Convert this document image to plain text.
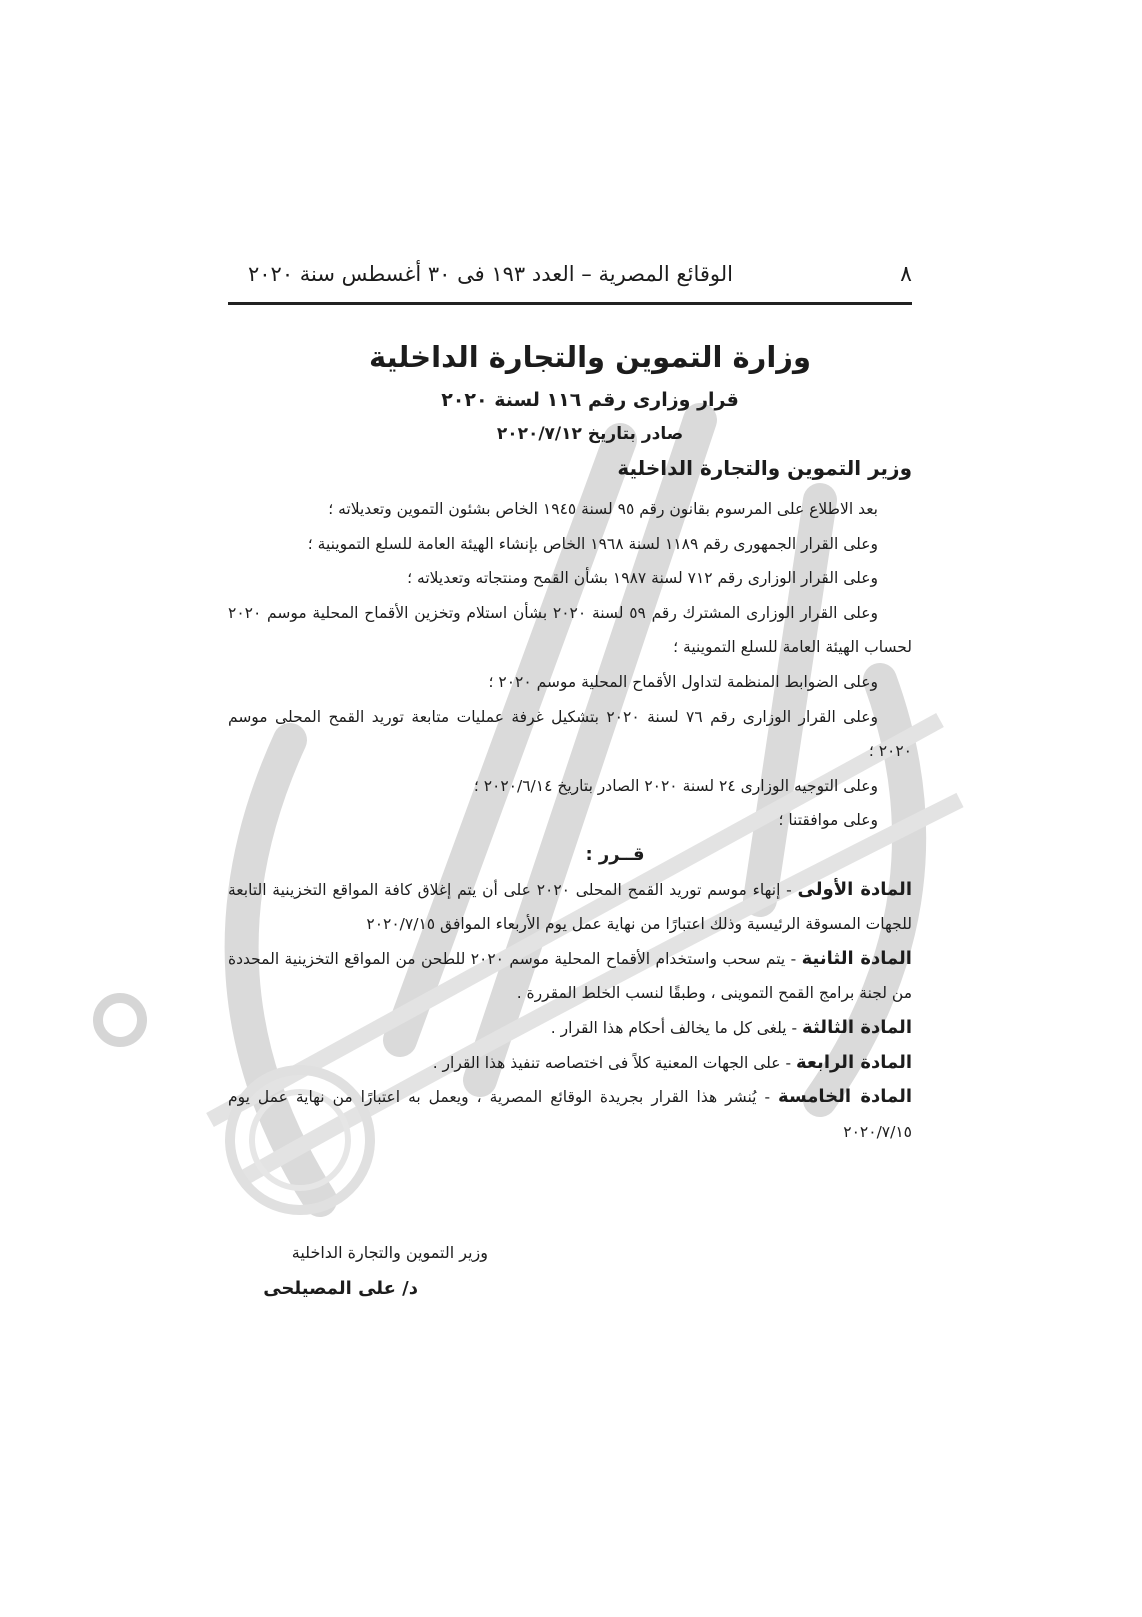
٨
الوقائع المصرية – العدد ١٩٣ فى ٣٠ أغسطس سنة ٢٠٢٠
وزارة التموين والتجارة الداخلية
قرار وزارى رقم ١١٦ لسنة ٢٠٢٠
صادر بتاريخ ٢٠٢٠/٧/١٢
وزير التموين والتجارة الداخلية

بعد الاطلاع على المرسوم بقانون رقم ٩٥ لسنة ١٩٤٥ الخاص بشئون التموين وتعديلاته ؛

وعلى القرار الجمهورى رقم ١١٨٩ لسنة ١٩٦٨ الخاص بإنشاء الهيئة العامة للسلع التموينية ؛

وعلى القرار الوزارى رقم ٧١٢ لسنة ١٩٨٧ بشأن القمح ومنتجاته وتعديلاته ؛

وعلى القرار الوزارى المشترك رقم ٥٩ لسنة ٢٠٢٠ بشأن استلام وتخزين الأقماح المحلية موسم ٢٠٢٠ لحساب الهيئة العامة للسلع التموينية ؛

وعلى الضوابط المنظمة لتداول الأقماح المحلية موسم ٢٠٢٠ ؛

وعلى القرار الوزارى رقم ٧٦ لسنة ٢٠٢٠ بتشكيل غرفة عمليات متابعة توريد القمح المحلى موسم ٢٠٢٠ ؛

وعلى التوجيه الوزارى ٢٤ لسنة ٢٠٢٠ الصادر بتاريخ ٢٠٢٠/٦/١٤ ؛

وعلى موافقتنا ؛

قــرر :

المادة الأولى - إنهاء موسم توريد القمح المحلى ٢٠٢٠ على أن يتم إغلاق كافة المواقع التخزينية التابعة للجهات المسوقة الرئيسية وذلك اعتبارًا من نهاية عمل يوم الأربعاء الموافق ٢٠٢٠/٧/١٥

المادة الثانية - يتم سحب واستخدام الأقماح المحلية موسم ٢٠٢٠ للطحن من المواقع التخزينية المحددة من لجنة برامج القمح التموينى ، وطبقًا لنسب الخلط المقررة .

المادة الثالثة - يلغى كل ما يخالف أحكام هذا القرار .

المادة الرابعة - على الجهات المعنية كلاً فى اختصاصه تنفيذ هذا القرار .

المادة الخامسة - يُنشر هذا القرار بجريدة الوقائع المصرية ، ويعمل به اعتبارًا من نهاية عمل يوم ٢٠٢٠/٧/١٥

وزير التموين والتجارة الداخلية
د/ على المصيلحى
